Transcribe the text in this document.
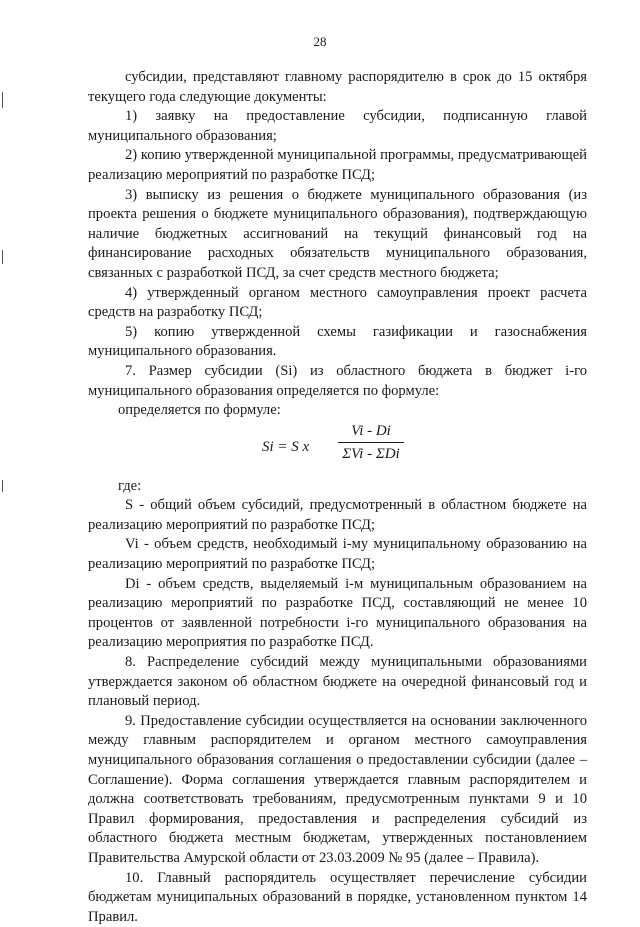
28

субсидии, представляют главному распорядителю в срок до 15 октября текущего года следующие документы:

1) заявку на предоставление субсидии, подписанную главой муниципального образования;

2) копию утвержденной муниципальной программы, предусматривающей реализацию мероприятий по разработке ПСД;

3) выписку из решения о бюджете муниципального образования (из проекта решения о бюджете муниципального образования), подтверждающую наличие бюджетных ассигнований на текущий финансовый год на финансирование расходных обязательств муниципального образования, связанных с разработкой ПСД, за счет средств местного бюджета;

4) утвержденный органом местного самоуправления проект расчета средств на разработку ПСД;

5) копию утвержденной схемы газификации и газоснабжения муниципального образования.

7. Размер субсидии (Si) из областного бюджета в бюджет i-го муниципального образования определяется по формуле:

определяется по формуле:

Si = S x
Vi - Di
ΣVi - ΣDi

где:

S - общий объем субсидий, предусмотренный в областном бюджете на реализацию мероприятий по разработке ПСД;

Vi - объем средств, необходимый i-му муниципальному образованию на реализацию мероприятий по разработке ПСД;

Di - объем средств, выделяемый i-м муниципальным образованием на реализацию мероприятий по разработке ПСД, составляющий не менее 10 процентов от заявленной потребности i-го муниципального образования на реализацию мероприятия по разработке ПСД.

8. Распределение субсидий между муниципальными образованиями утверждается законом об областном бюджете на очередной финансовый год и плановый период.

9. Предоставление субсидии осуществляется на основании заключенного между главным распорядителем и органом местного самоуправления муниципального образования соглашения о предоставлении субсидии (далее – Соглашение). Форма соглашения утверждается главным распорядителем и должна соответствовать требованиям, предусмотренным пунктами 9 и 10 Правил формирования, предоставления и распределения субсидий из областного бюджета местным бюджетам, утвержденных постановлением Правительства Амурской области от 23.03.2009 № 95 (далее – Правила).

10. Главный распорядитель осуществляет перечисление субсидии бюджетам муниципальных образований в порядке, установленном пунктом 14 Правил.
